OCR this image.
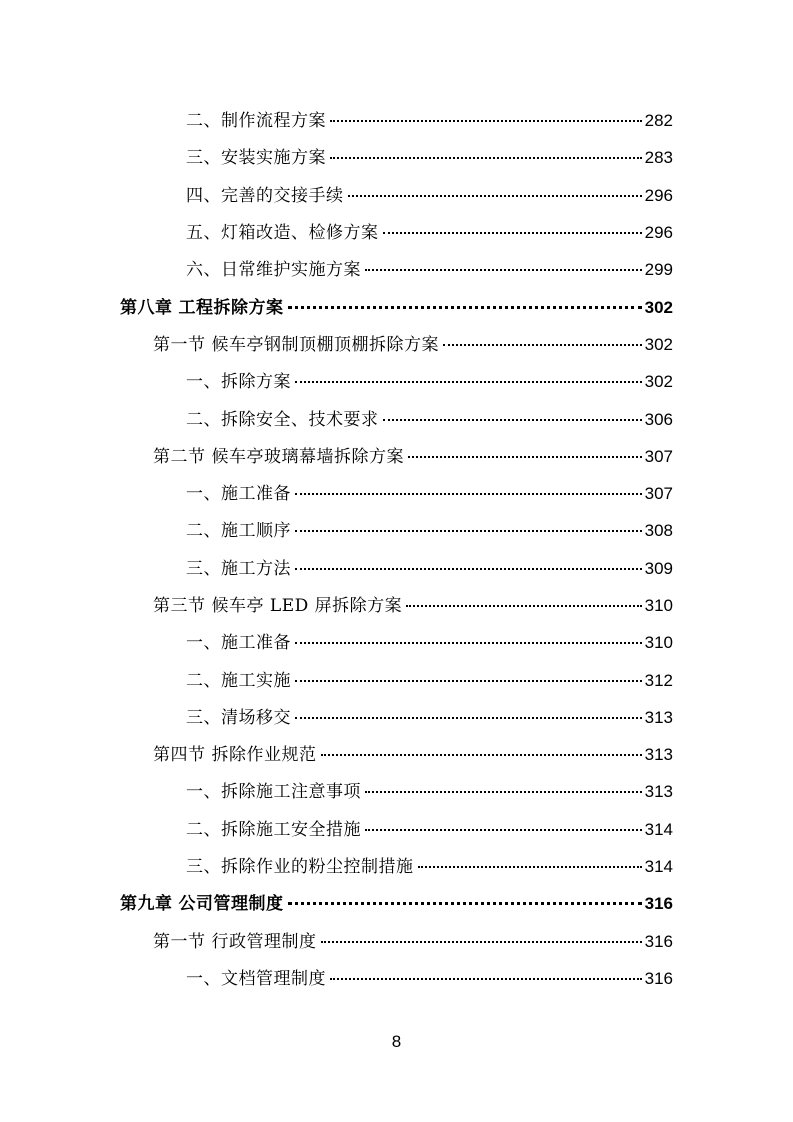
二、制作流程方案	282
三、安装实施方案	283
四、完善的交接手续	296
五、灯箱改造、检修方案	296
六、日常维护实施方案	299
第八章 工程拆除方案	302
第一节 候车亭钢制顶棚顶棚拆除方案	302
一、拆除方案	302
二、拆除安全、技术要求	306
第二节 候车亭玻璃幕墙拆除方案	307
一、施工准备	307
二、施工顺序	308
三、施工方法	309
第三节 候车亭 LED 屏拆除方案	310
一、施工准备	310
二、施工实施	312
三、清场移交	313
第四节 拆除作业规范	313
一、拆除施工注意事项	313
二、拆除施工安全措施	314
三、拆除作业的粉尘控制措施	314
第九章 公司管理制度	316
第一节 行政管理制度	316
一、文档管理制度	316
8
